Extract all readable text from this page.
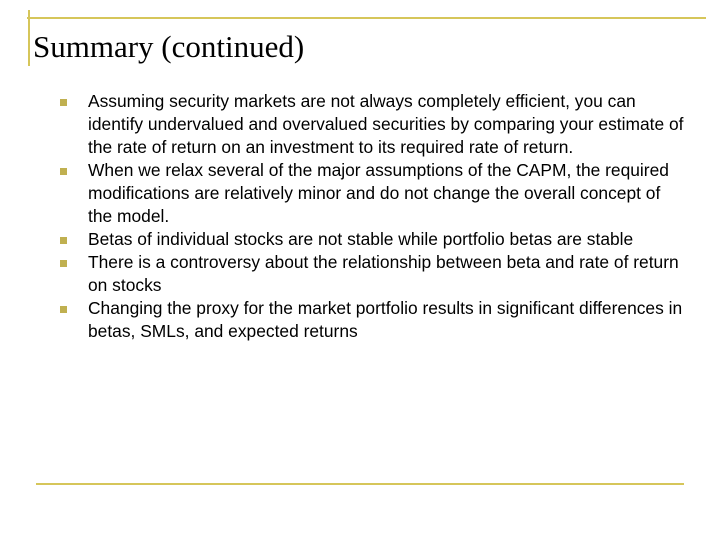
Summary (continued)
Assuming security markets are not always completely efficient, you can identify undervalued and overvalued securities by comparing your estimate of the rate of return on an investment to its required rate of return.
When we relax several of the major assumptions of the CAPM, the required modifications are relatively minor and do not change the overall concept of the model.
Betas of individual stocks are not stable while portfolio betas are stable
There is a controversy about the relationship between beta and rate of return on stocks
Changing the proxy for the market portfolio results in significant differences in betas, SMLs, and expected returns
